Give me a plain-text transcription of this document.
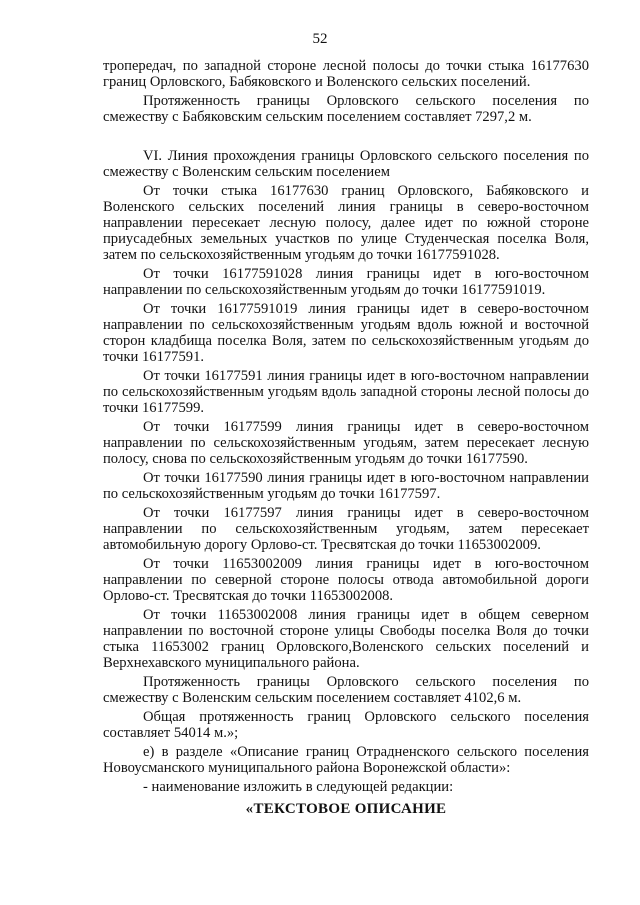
52

тропередач, по западной стороне лесной полосы до точки стыка 16177630 границ Орловского, Бабяковского и Воленского сельских поселений.

Протяженность границы Орловского сельского поселения по смежеству с Бабяковским сельским поселением составляет 7297,2 м.

VI. Линия прохождения границы Орловского сельского поселения по смежеству с Воленским сельским поселением

От точки стыка 16177630 границ Орловского, Бабяковского и Воленского сельских поселений линия границы в северо-восточном направлении пересекает лесную полосу, далее идет по южной стороне приусадебных земельных участков по улице Студенческая поселка Воля, затем по сельскохозяйственным угодьям до точки 16177591028.

От точки 16177591028 линия границы идет в юго-восточном направлении по сельскохозяйственным угодьям до точки 16177591019.

От точки 16177591019 линия границы идет в северо-восточном направлении по сельскохозяйственным угодьям вдоль южной и восточной сторон кладбища поселка Воля, затем по сельскохозяйственным угодьям до точки 16177591.

От точки 16177591 линия границы идет в юго-восточном направлении по сельскохозяйственным угодьям вдоль западной стороны лесной полосы до точки 16177599.

От точки 16177599 линия границы идет в северо-восточном направлении по сельскохозяйственным угодьям, затем пересекает лесную полосу, снова по сельскохозяйственным угодьям до точки 16177590.

От точки 16177590 линия границы идет в юго-восточном направлении по сельскохозяйственным угодьям до точки 16177597.

От точки 16177597 линия границы идет в северо-восточном направлении по сельскохозяйственным угодьям, затем пересекает автомобильную дорогу Орлово-ст. Тресвятская до точки 11653002009.

От точки 11653002009 линия границы идет в юго-восточном направлении по северной стороне полосы отвода автомобильной дороги Орлово-ст. Тресвятская до точки 11653002008.

От точки 11653002008 линия границы идет в общем северном направлении по восточной стороне улицы Свободы поселка Воля до точки стыка 11653002 границ Орловского,Воленского сельских поселений и Верхнехавского муниципального района.

Протяженность границы Орловского сельского поселения по смежеству с Воленским сельским поселением составляет 4102,6 м.

Общая протяженность границ Орловского сельского поселения составляет 54014 м.»;

е) в разделе «Описание границ Отрадненского сельского поселения Новоусманского муниципального района Воронежской области»:

- наименование изложить в следующей редакции:

«ТЕКСТОВОЕ ОПИСАНИЕ
